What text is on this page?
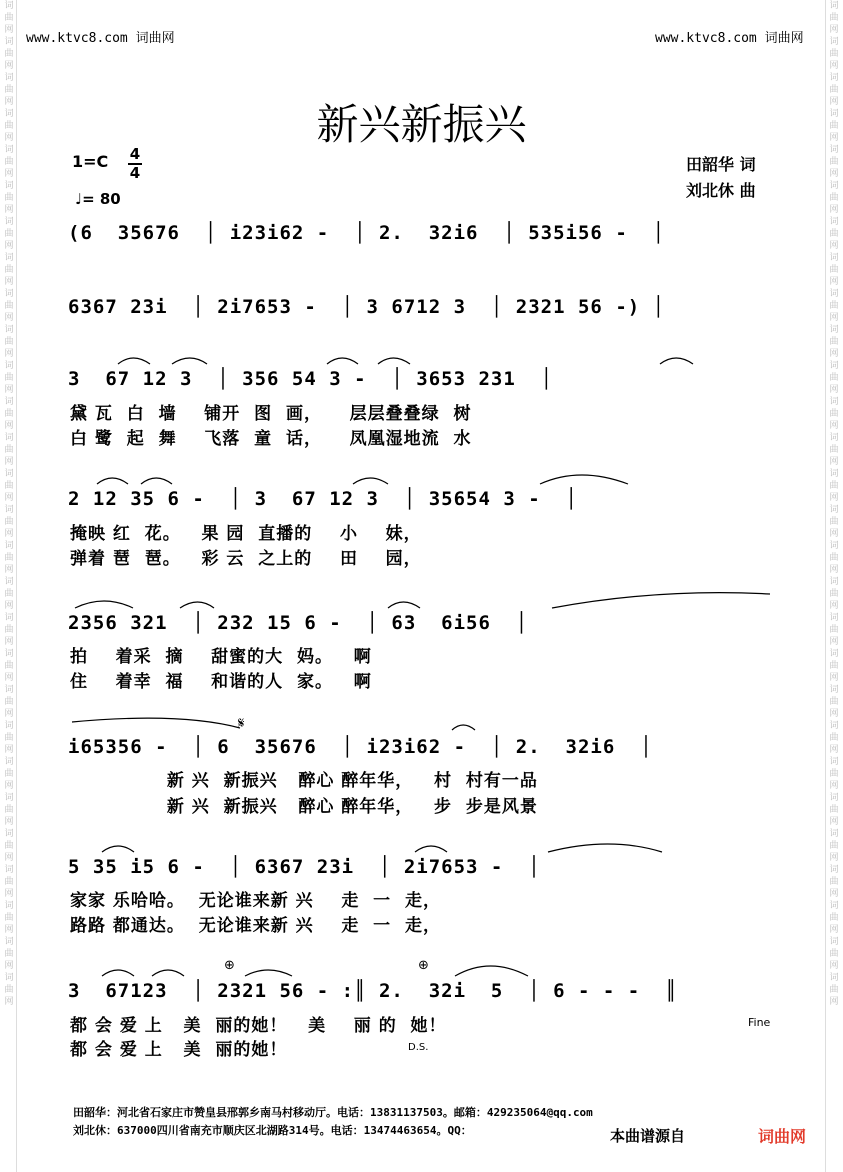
词曲网词曲网词曲网词曲网词曲网词曲网词曲网词曲网词曲网词曲网词曲网词曲网词曲网词曲网词曲网词曲网词曲网词曲网词曲网词曲网词曲网词曲网词曲网词曲网词曲网词曲网词曲网词曲网
词曲网词曲网词曲网词曲网词曲网词曲网词曲网词曲网词曲网词曲网词曲网词曲网词曲网词曲网词曲网词曲网词曲网词曲网词曲网词曲网词曲网词曲网词曲网词曲网词曲网词曲网词曲网词曲网
www.ktvc8.com 词曲网	www.ktvc8.com 词曲网
新兴新振兴
1=C 4
4
♩= 80
田韶华 词
刘北休 曲
(6  35676  │ i23i62 -  │ 2.  32i6  │ 535i56 -  │
6367 23i  │ 2i7653 -  │ 3 6712 3  │ 2321 56 -) │
3  67 12 3  │ 356 54 3 -  │ 3653 231  │
黛 瓦  白  墙    铺开  图  画，    层层叠叠绿  树
白 鹭  起  舞    飞落  童  话，    凤凰湿地流  水
2 12 35 6 -  │ 3  67 12 3  │ 35654 3 -  │
掩映 红  花。   果 园  直播的    小    妹，
弹着 琶  琶。   彩 云  之上的    田    园，
2356 321  │ 232 15 6 -  │ 63  6i56  │
拍    着采  摘    甜蜜的大  妈。   啊
住    着幸  福    和谐的人  家。   啊
i65356 -  │ 6  35676  │ i23i62 -  │ 2.  32i6  │
新 兴  新振兴   醉心 醉年华，   村  村有一品
新 兴  新振兴   醉心 醉年华，   步  步是风景
5 35 i5 6 -  │ 6367 23i  │ 2i7653 -  │
家家 乐哈哈。  无论谁来新 兴    走  一  走，
路路 都通达。  无论谁来新 兴    走  一  走，
3  67123  │ 2321 56 - :║ 2.  32i  5  │ 6 - - -  ║
都 会 爱 上   美  丽的她！   美    丽 的  她！
都 会 爱 上   美  丽的她！
Fine
D.S.
𝄋
⊕	⊕
田韶华：河北省石家庄市赞皇县邢郭乡南马村移动厅。电话：13831137503。邮箱：429235064@qq.com
刘北休：637000四川省南充市顺庆区北湖路314号。电话：13474463654。QQ：	本曲谱源自	词曲网
